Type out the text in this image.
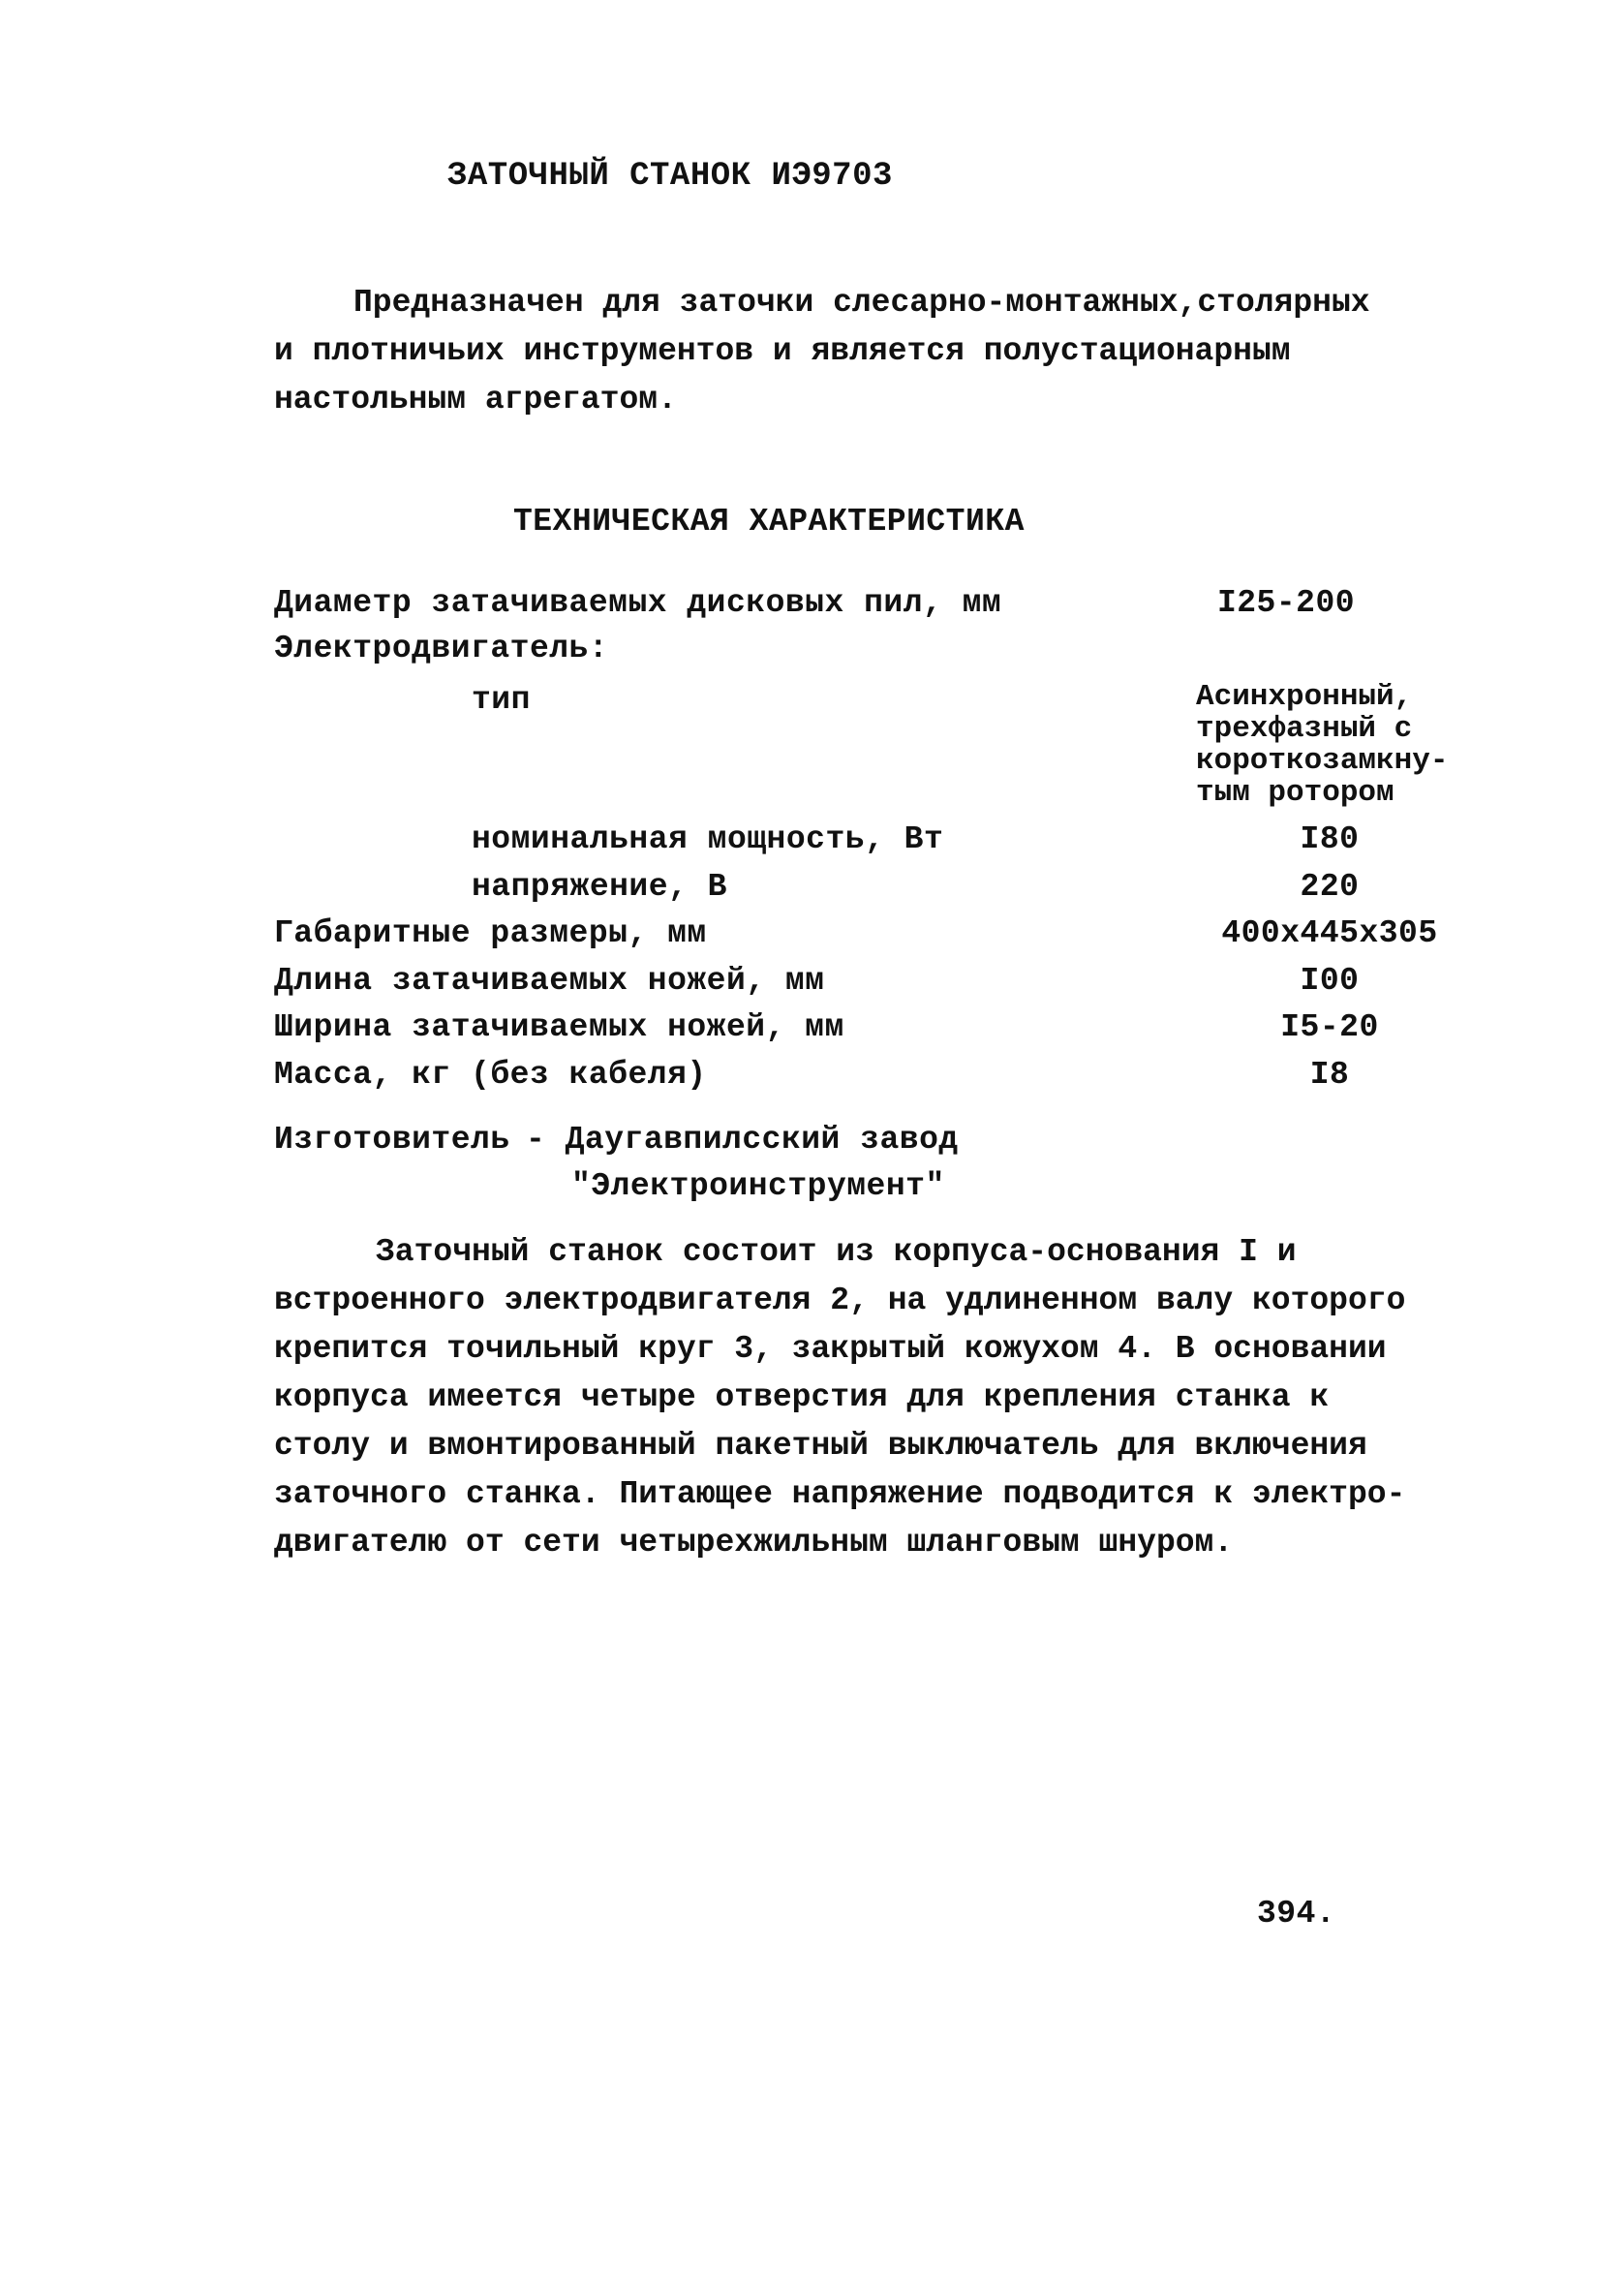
ЗАТОЧНЫЙ СТАНОК ИЭ9703
Предназначен для заточки слесарно-монтажных,столярных
и плотничьих инструментов и является полустационарным
настольным агрегатом.
ТЕХНИЧЕСКАЯ ХАРАКТЕРИСТИКА
Диаметр затачиваемых дисковых пил, мм	I25-200
Электродвигатель:
тип	Асинхронный,
трехфазный с
короткозамкну-
тым ротором
номинальная мощность, Вт	I80
напряжение, В	220
Габаритные размеры, мм	400х445х305
Длина затачиваемых ножей, мм	I00
Ширина затачиваемых ножей, мм	I5-20
Масса, кг (без кабеля)	I8
Изготовитель - Даугавпилсский завод
"Электроинструмент"
Заточный станок состоит из корпуса-основания I и
встроенного электродвигателя 2, на удлиненном валу которого
крепится точильный круг 3, закрытый кожухом 4. В основании
корпуса имеется четыре отверстия для крепления станка к
столу и вмонтированный пакетный выключатель для включения
заточного станка. Питающее напряжение подводится к электро-
двигателю от сети четырехжильным шланговым шнуром.
394.
